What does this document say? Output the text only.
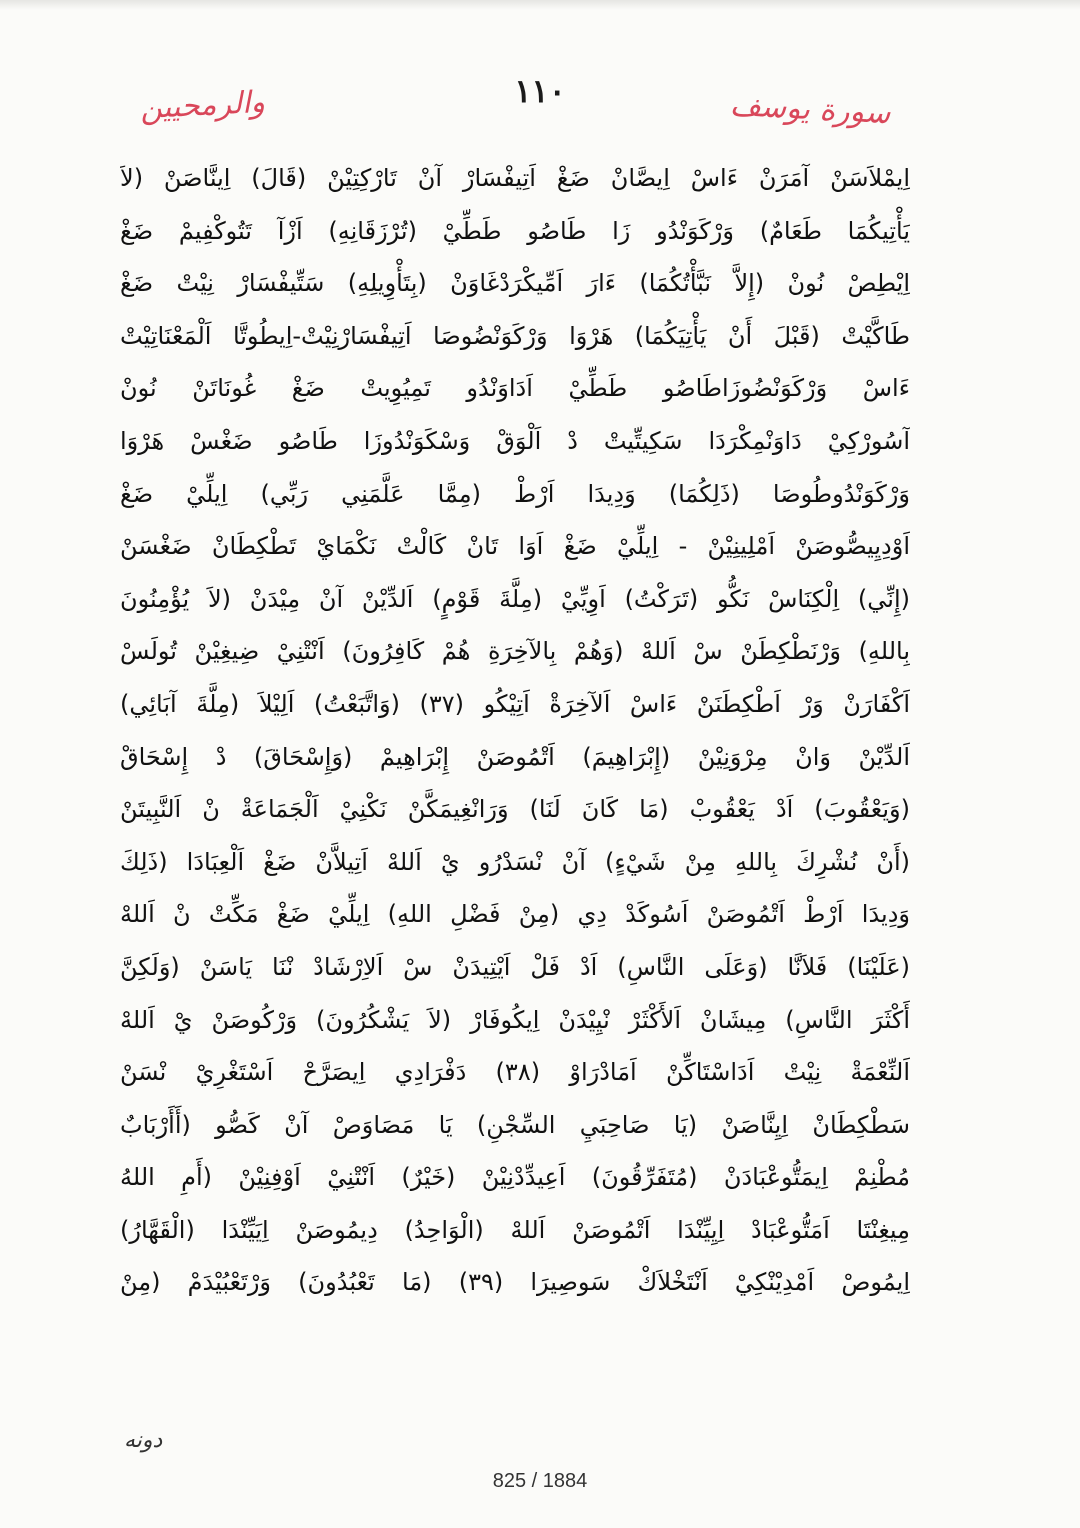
١١٠	سورة يوسف
والرمحيين
اِيمْلاَسَنْ آمَرَنْ ءَاسْ اِيصَّانْ ضَغْ اَتِيفْسَارْ آنْ تَارْكِتِيْنْ (قَالَ) اِينَّاصَنْ (لاَ
يَأْتِيكُمَا طَعَامٌ) وَرْكَوَنْدُو زَا طَاصُو طَطِّيْ (تُرْزَقَانِهِ) اَزْآ تَتُوكْفِيمْ ضَغْ
اِيْطِصْ نُونْ (إِلاَّ نَبَّأْتُكُمَا) ءَارَ اَمِّيكْرَدْغَاوَنْ (بِتَأْوِيلِهِ) سَتِّيفْسَارْ نِيْتْ ضَغْ
طَاكَّيْتْ (قَبْلَ أَنْ يَأْتِيَكُمَا) هَرْوَا وَرْكَوَنْضُوصَا اَتِيفْسَارْنِيْتْ-اِيطُوتَّا اَلْمَعْنَاتِيْتْ
ءَاسْ وَرْكَوَنْضُوزَاطَاصُو طَطِّيْ اَدَاوَنْدُو تَمِيُوِيتْ ضَغْ غُونَاتَنْ نُونْ
آسُورْكِيْ دَاوَنْمِكْرَدَا سَكِيتِّيتْ دْ اَلْوَقْ وَسْكَوَنْدُوزَا طَاصُو ضَغْسْ هَرْوَا
وَرْكَوَنْدُوطُوصَا (ذَلِكُمَا) وَدِيدَا اَرْطْ (مِمَّا عَلَّمَنِي رَبِّي) اِيلِّيْ ضَغْ
اَوْدِيِيصُّوصَنْ اَمْلِينِيْنْ - اِيلِّيْ ضَغْ اَوَا تَانْ كَالْتْ نَكْمَايْ تَطْكِطَانْ ضَغْسَنْ
(إِنِّي) اِلْكِنَاسْ نَكُّو (تَرَكْتُ) اَوِيِّيْ (مِلَّةَ قَوْمٍ) اَلدِّيْنْ آنْ مِيْدَنْ (لاَ يُؤْمِنُونَ
بِاللهِ) وَرْنَطْكِطَنْ سْ اَللهْ (وَهُمْ بِالآخِرَةِ هُمْ كَافِرُونَ) اَنْتْنِيْ ضِيغِيْنْ تُولَسْ
اَكْفَارَنْ وَرْ اَطْكِطَنَنْ ءَاسْ اَلآخِرَةْ اَتِيْكُو (٣٧) (وَاتَّبَعْتُ) اَلِيْلاَ (مِلَّةَ آبَائِي)
اَلدِّيْنْ وَانْ مِرْوَنِيْنْ (إِبْرَاهِيمَ) اَتْمُوصَنْ إِبْرَاهِيمْ (وَإِسْحَاقَ) دْ إِسْحَاقْ
(وَيَعْقُوبَ) اَدْ يَعْقُوبْ (مَا كَانَ لَنَا) وَرَانْغِيمَكَّنْ نَكْنِيْ اَلْجَمَاعَةْ نْ اَلنَّبِيتَنْ
(أَنْ نُشْرِكَ بِاللهِ مِنْ شَيْءٍ) آنْ نْسَدْرُو يْ اَللهْ اَتِيلاَّنْ ضَغْ اَلْعِبَادَا (ذَلِكَ
وَدِيدَا اَرْطْ اَتْمُوصَنْ اَسُوكَدْ دِي (مِنْ فَضْلِ اللهِ) اِيلِّيْ ضَغْ مَكِّتْ نْ اَللهْ
(عَلَيْنَا) فَلاَنَّا (وَعَلَى النَّاسِ) اَدْ فَلْ اَيْتِيدَنْ سْ اَلاِرْشَادْ نْنَا يَاسَنْ (وَلَكِنَّ
أَكْثَرَ النَّاسِ) مِيشَانْ اَلأَكْثَرْ نْيِيْدَنْ اِيكُوفَارْ (لاَ يَشْكُرُونَ) وَرْكُوصَنْ يْ اَللهْ
اَلنِّعْمَةْ نِيْتْ اَدَاسْتَاكِّنْ اَمَادْرَاوْ (٣٨) دَفْرَادِي اِيصَرَّحْ اَسْتَغْرِيْ نْسَنْ
سَطْكِطَانْ اِيِنَّاصَنْ (يَا صَاحِبَيِ السِّجْنِ) يَا مَصَاوَصْ آنْ كَصُّو (أَأَرْبَابٌ
مُطْنِمْ اِيمَتُّوعْبَادَنْ (مُتَفَرِّقُونَ) اَعِيدِّدْنِيْنْ (خَيْرٌ) اَنْتْنِيْ اَوْفِنِيْنْ (أَمِ اللهُ
مِيغِنْتَا اَمَتُّوعْبَادْ اِيِيِّنْدَا اَتْمُوصَنْ اَللهْ (الْوَاحِدُ) دِيمُوصَنْ اِيَيِّنْدَا (الْقَهَّارُ)
اِيمُوصْ اَمْدِيْنْكِيْ اَنْتَخْلاَكْ سَوصِيرَا (٣٩) (مَا تَعْبُدُونَ) وَرْتَعْبُيْدَمْ (مِنْ
دونه
825 / 1884
